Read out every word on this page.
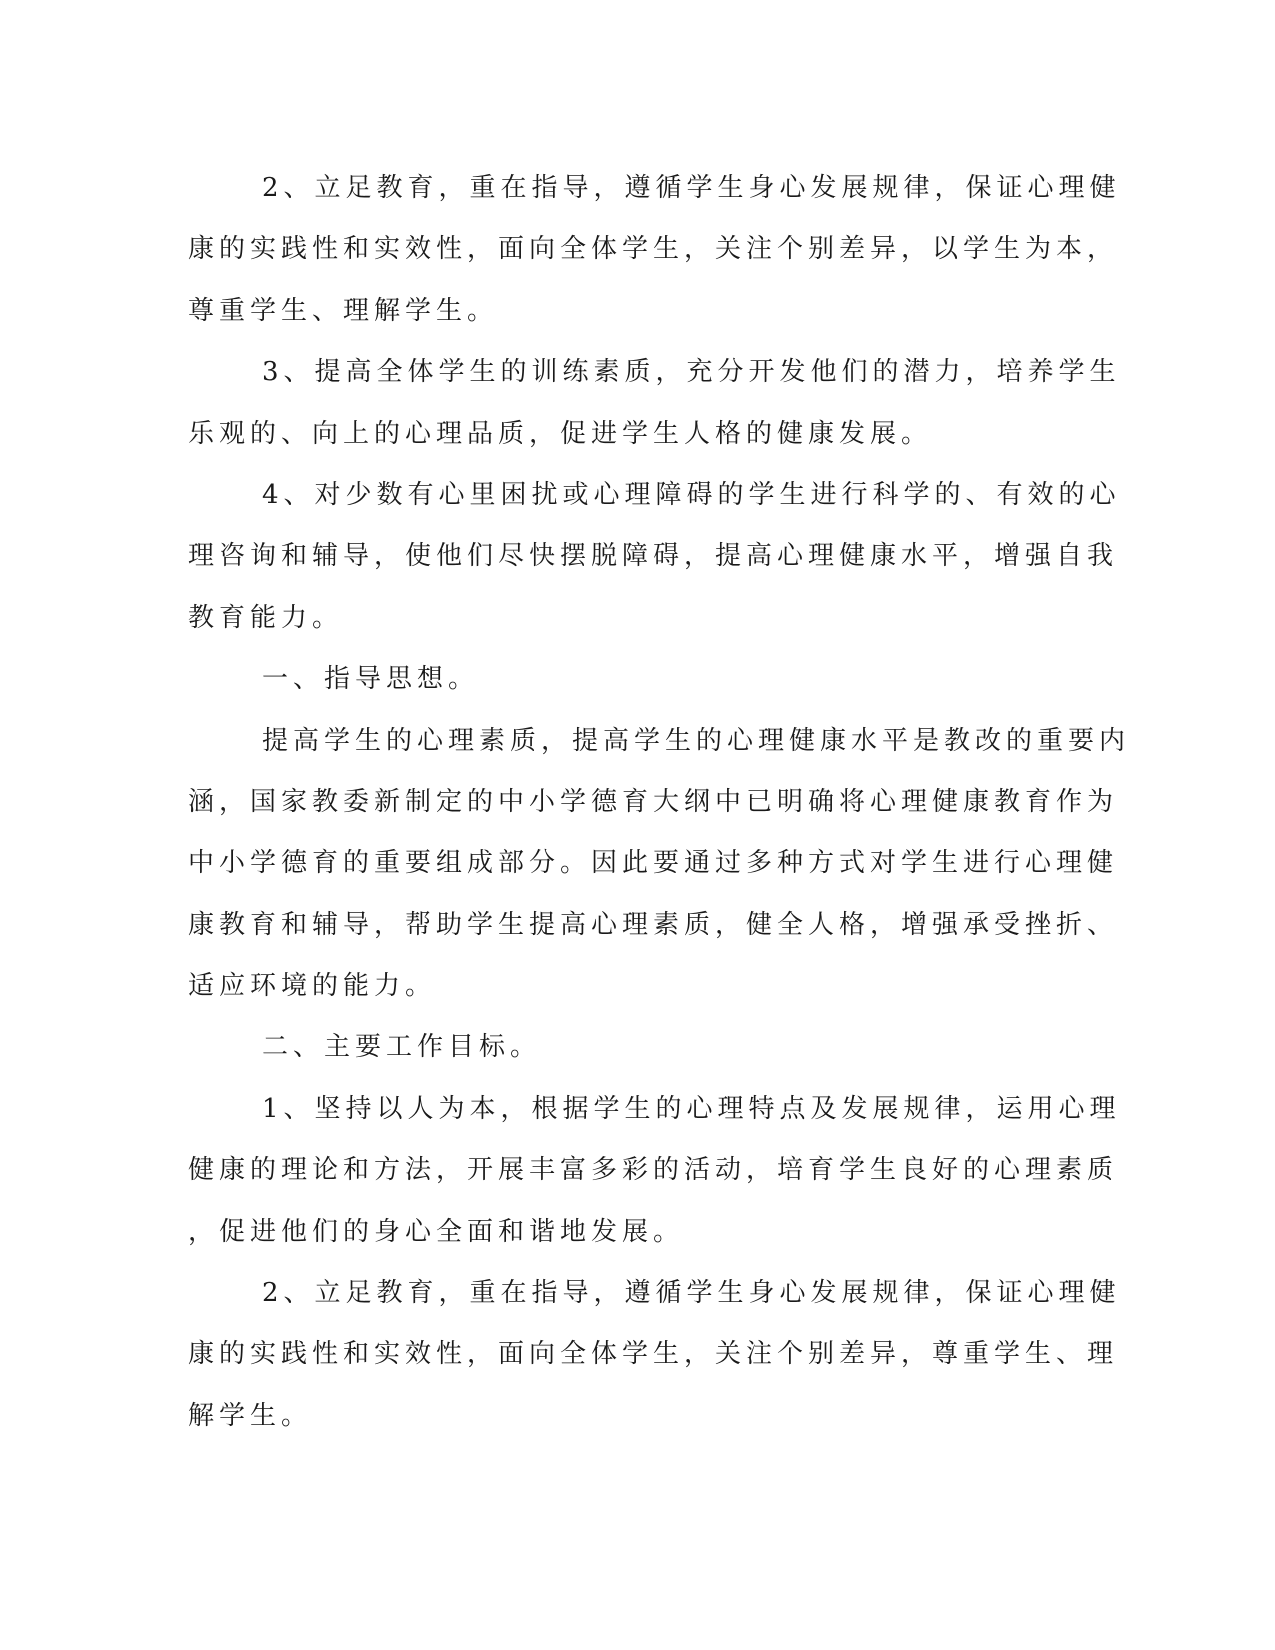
2、立足教育，重在指导，遵循学生身心发展规律，保证心理健
康的实践性和实效性，面向全体学生，关注个别差异，以学生为本，
尊重学生、理解学生。
3、提高全体学生的训练素质，充分开发他们的潜力，培养学生
乐观的、向上的心理品质，促进学生人格的健康发展。
4、对少数有心里困扰或心理障碍的学生进行科学的、有效的心
理咨询和辅导，使他们尽快摆脱障碍，提高心理健康水平，增强自我
教育能力。
一、指导思想。
提高学生的心理素质，提高学生的心理健康水平是教改的重要内
涵，国家教委新制定的中小学德育大纲中已明确将心理健康教育作为
中小学德育的重要组成部分。因此要通过多种方式对学生进行心理健
康教育和辅导，帮助学生提高心理素质，健全人格，增强承受挫折、
适应环境的能力。
二、主要工作目标。
1、坚持以人为本，根据学生的心理特点及发展规律，运用心理
健康的理论和方法，开展丰富多彩的活动，培育学生良好的心理素质
，促进他们的身心全面和谐地发展。
2、立足教育，重在指导，遵循学生身心发展规律，保证心理健
康的实践性和实效性，面向全体学生，关注个别差异，尊重学生、理
解学生。
